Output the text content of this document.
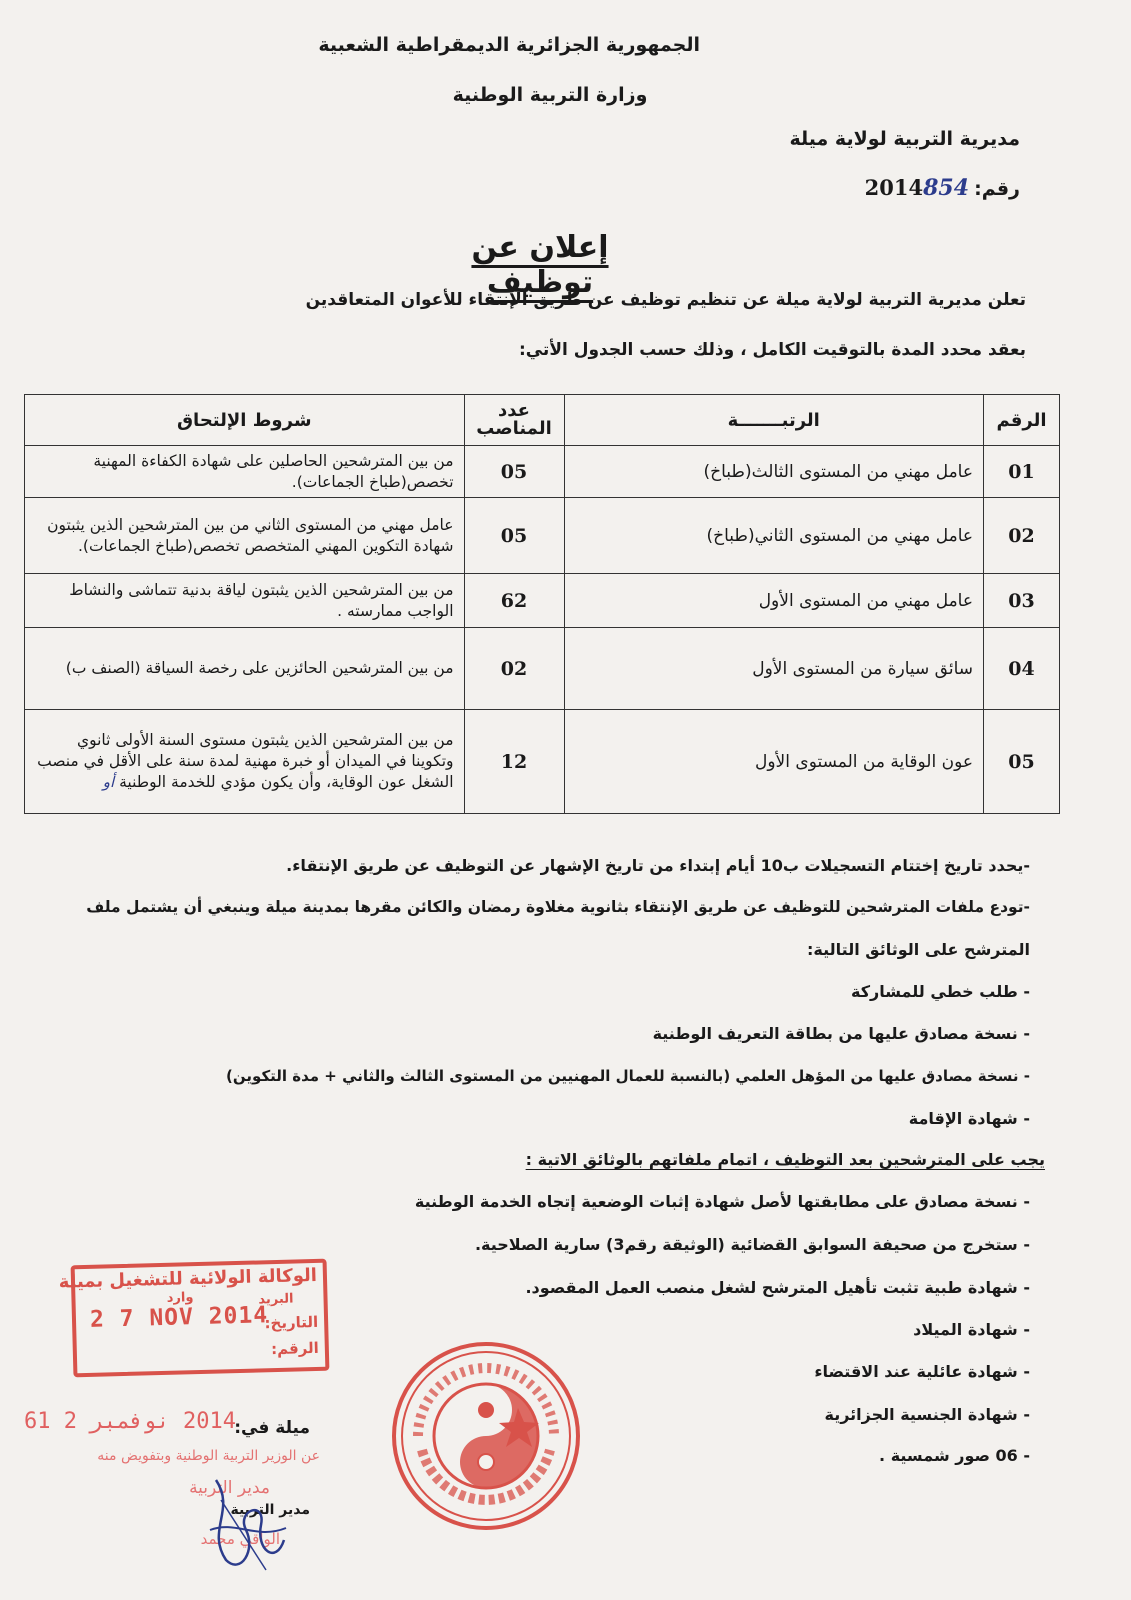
الجمهورية الجزائرية الديمقراطية الشعبية
وزارة التربية الوطنية
مديرية التربية لولاية ميلة
رقم: 2014854
إعلان عن توظيف
تعلن مديرية التربية لولاية ميلة عن تنظيم توظيف عن طريق الإنتقاء للأعوان المتعاقدين
بعقد محدد المدة بالتوقيت الكامل ، وذلك حسب الجدول الأتي:
الرقم	الرتبـــــــة	عدد المناصب	شروط الإلتحاق
01	عامل مهني من المستوى الثالث(طباخ)	05	من بين المترشحين الحاصلين على شهادة الكفاءة المهنية تخصص(طباخ الجماعات).
02	عامل مهني من المستوى الثاني(طباخ)	05	عامل مهني من المستوى الثاني من بين المترشحين الذين يثبتون شهادة التكوين المهني المتخصص تخصص(طباخ الجماعات).
03	عامل مهني من المستوى الأول	62	من بين المترشحين الذين يثبتون لياقة بدنية تتماشى والنشاط الواجب ممارسته .
04	سائق سيارة من المستوى الأول	02	من بين المترشحين الحائزين على رخصة السياقة (الصنف ب)
05	عون الوقاية من المستوى الأول	12	من بين المترشحين الذين يثبتون مستوى السنة الأولى ثانوي وتكوينا في الميدان أو خبرة مهنية لمدة سنة على الأقل في منصب الشغل عون الوقاية، وأن يكون مؤدي للخدمة الوطنية أو
-يحدد تاريخ إختتام التسجيلات ب10 أيام إبتداء من تاريخ الإشهار عن التوظيف عن طريق الإنتقاء.
-تودع ملفات المترشحين للتوظيف عن طريق الإنتقاء بثانوية مغلاوة رمضان والكائن مقرها بمدينة ميلة وينبغي أن يشتمل ملف
المترشح على الوثائق التالية:
- طلب خطي للمشاركة
- نسخة مصادق عليها من بطاقة التعريف الوطنية
- نسخة مصادق عليها من المؤهل العلمي (بالنسبة للعمال المهنيين من المستوى الثالث والثاني + مدة التكوين)
- شهادة الإقامة
يجب على المترشحين بعد التوظيف ، اتمام ملفاتهم بالوثائق الاتية :
- نسخة مصادق على مطابقتها لأصل شهادة إثبات الوضعية إتجاه الخدمة الوطنية
- ستخرج من صحيفة السوابق القضائية (الوثيقة رقم3) سارية الصلاحية.
- شهادة طبية تثبت تأهيل المترشح لشغل منصب العمل المقصود.
- شهادة الميلاد
- شهادة عائلية عند الاقتضاء
- شهادة الجنسية الجزائرية
- 06 صور شمسية .
الوكالة الولائية للتشغيل بميلة
البريد
وارد
التاريخ:
2 7 NOV 2014
الرقم:
2014 نوفمبر 2 61
ميلة في:
عن الوزير التربية الوطنية وبتفويض منه
مدير التربية
مدير التربية
الواقي محمد
